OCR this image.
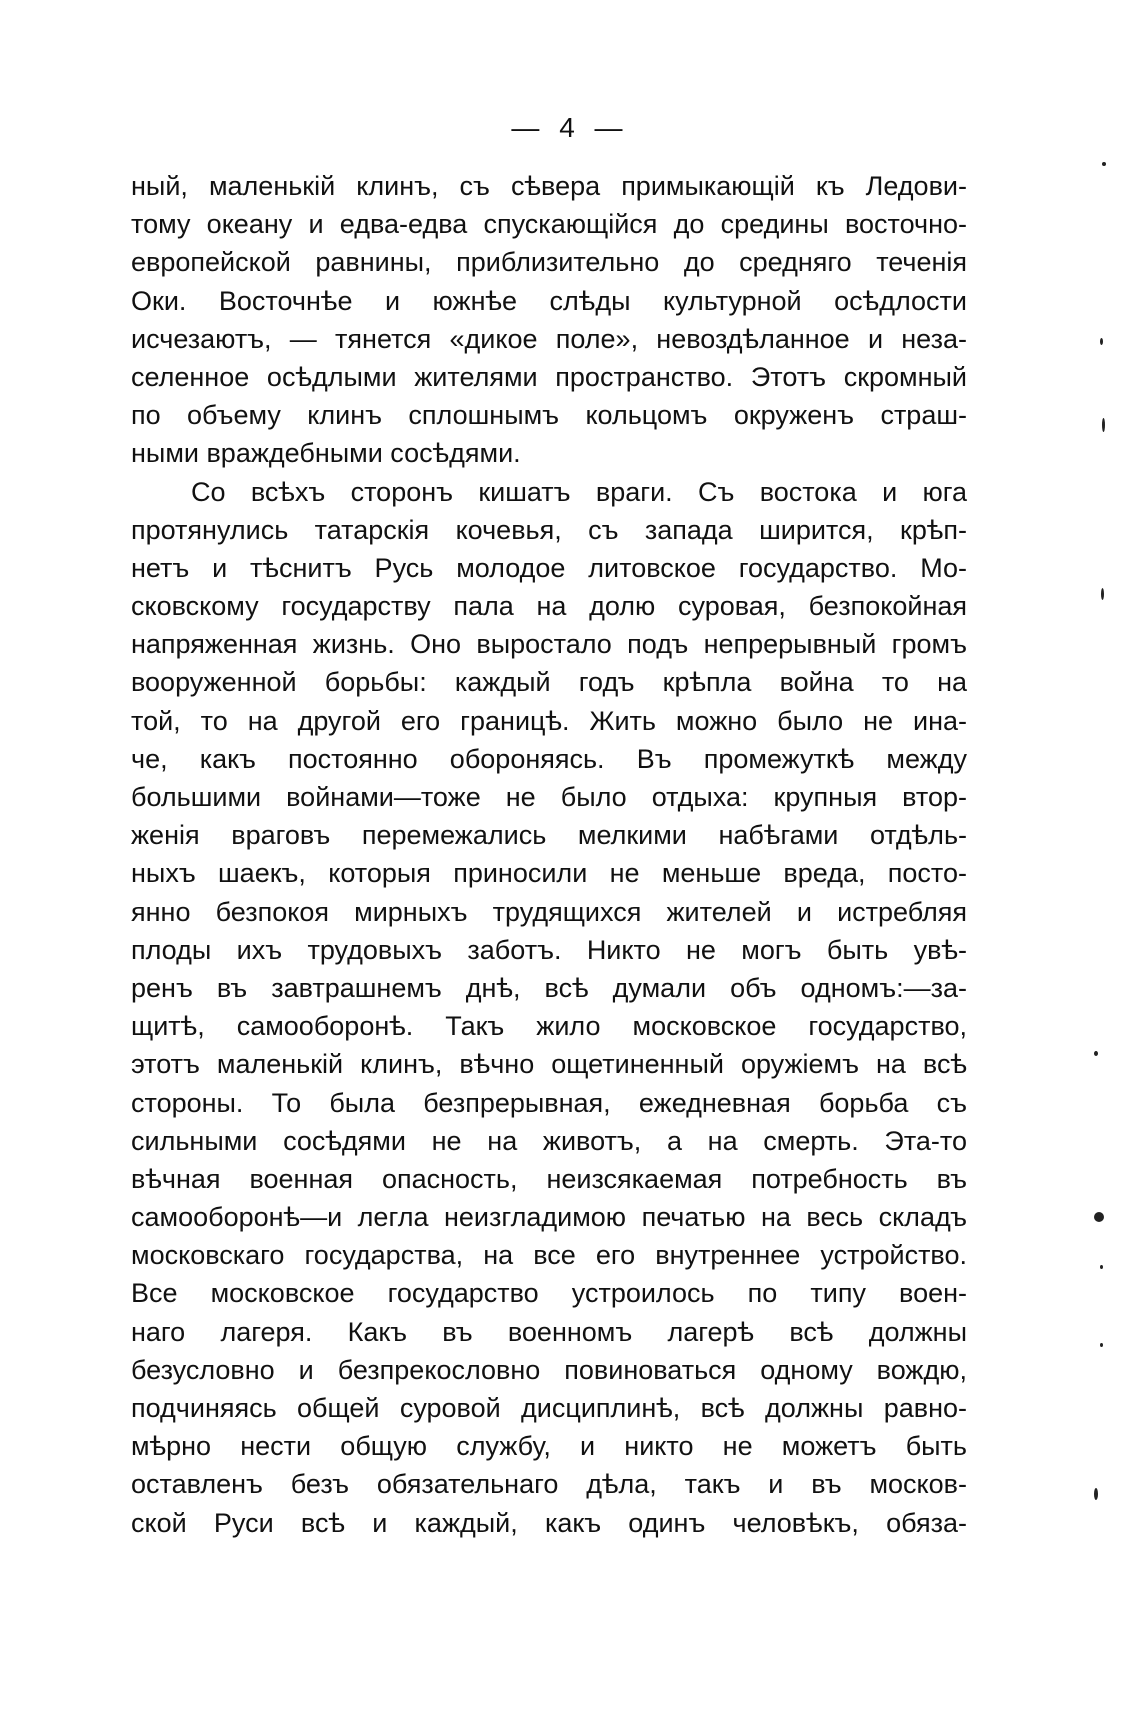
— 4 —
ный, маленькій клинъ, съ сѣвера примыкающій къ Ледови-
тому океану и едва-едва спускающійся до средины восточно-
европейской равнины, приблизительно до средняго теченія
Оки. Восточнѣе и южнѣе слѣды культурной осѣдлости
исчезаютъ, — тянется «дикое поле», невоздѣланное и неза-
селенное осѣдлыми жителями пространство. Этотъ скромный
по объему клинъ сплошнымъ кольцомъ окруженъ страш-
ными враждебными сосѣдями.
Со всѣхъ сторонъ кишатъ враги. Съ востока и юга
протянулись татарскія кочевья, съ запада ширится, крѣп-
нетъ и тѣснитъ Русь молодое литовское государство. Мо-
сковскому государству пала на долю суровая, безпокойная
напряженная жизнь. Оно выростало подъ непрерывный громъ
вооруженной борьбы: каждый годъ крѣпла война то на
той, то на другой его границѣ. Жить можно было не ина-
че, какъ постоянно обороняясь. Въ промежуткѣ между
большими войнами—тоже не было отдыха: крупныя втор-
женія враговъ перемежались мелкими набѣгами отдѣль-
ныхъ шаекъ, которыя приносили не меньше вреда, посто-
янно безпокоя мирныхъ трудящихся жителей и истребляя
плоды ихъ трудовыхъ заботъ. Никто не могъ быть увѣ-
ренъ въ завтрашнемъ днѣ, всѣ думали объ одномъ:—за-
щитѣ, самооборонѣ. Такъ жило московское государство,
этотъ маленькій клинъ, вѣчно ощетиненный оружіемъ на всѣ
стороны. То была безпрерывная, ежедневная борьба съ
сильными сосѣдями не на животъ, а на смерть. Эта-то
вѣчная военная опасность, неизсякаемая потребность въ
самооборонѣ—и легла неизгладимою печатью на весь складъ
московскаго государства, на все его внутреннее устройство.
Все московское государство устроилось по типу воен-
наго лагеря. Какъ въ военномъ лагерѣ всѣ должны
безусловно и безпрекословно повиноваться одному вождю,
подчиняясь общей суровой дисциплинѣ, всѣ должны равно-
мѣрно нести общую службу, и никто не можетъ быть
оставленъ безъ обязательнаго дѣла, такъ и въ москов-
ской Руси всѣ и каждый, какъ одинъ человѣкъ, обяза-
